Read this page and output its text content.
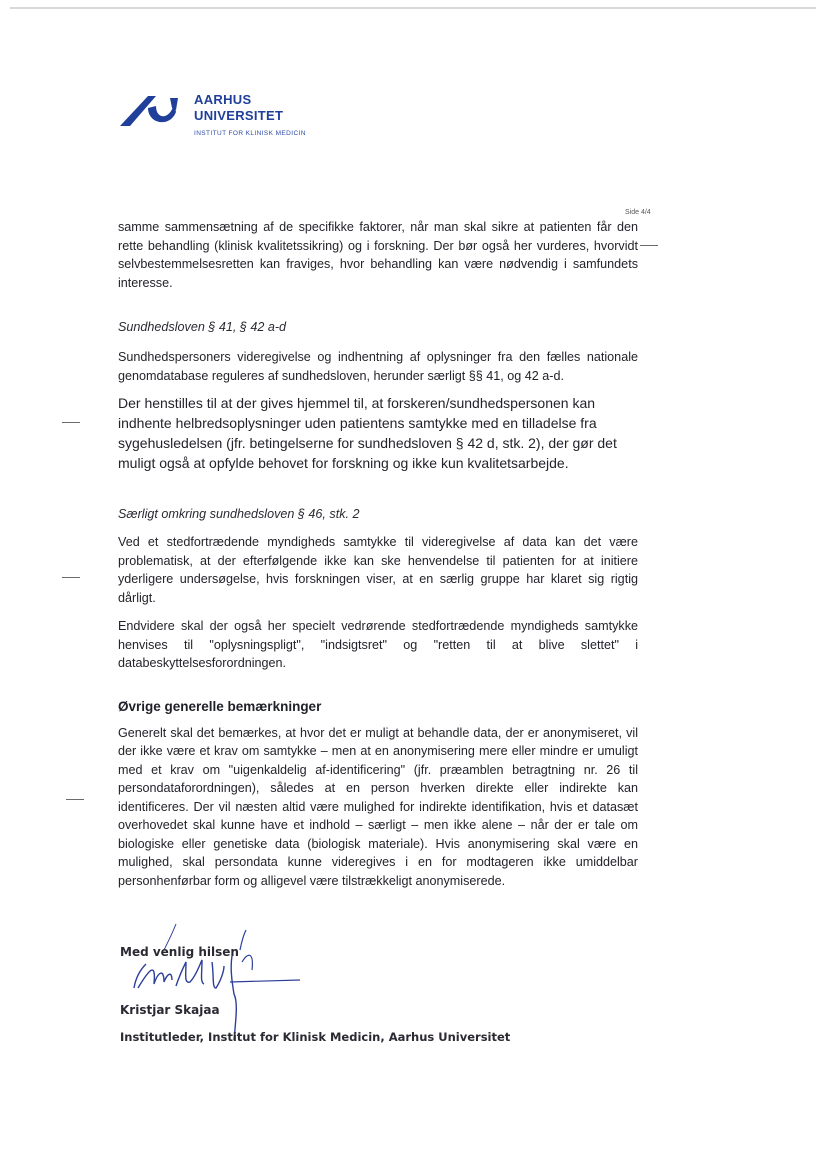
AARHUS
UNIVERSITET
INSTITUT FOR KLINISK MEDICIN
Side 4/4

samme sammensætning af de specifikke faktorer, når man skal sikre at patienten får den rette behandling (klinisk kvalitetssikring) og i forskning. Der bør også her vurderes, hvorvidt selvbestemmelsesretten kan fraviges, hvor behandling kan være nødvendig i samfundets interesse.

Sundhedsloven § 41, § 42 a-d

Sundhedspersoners videregivelse og indhentning af oplysninger fra den fælles nationale genomdatabase reguleres af sundhedsloven, herunder særligt §§ 41, og 42 a-d.

Der henstilles til at der gives hjemmel til, at forskeren/sundhedspersonen kan indhente helbredsoplysninger uden patientens samtykke med en tilladelse fra sygehusledelsen (jfr. betingelserne for sundhedsloven § 42 d, stk. 2), der gør det muligt også at opfylde behovet for forskning og ikke kun kvalitetsarbejde.

Særligt omkring sundhedsloven § 46, stk. 2

Ved et stedfortrædende myndigheds samtykke til videregivelse af data kan det være problematisk, at der efterfølgende ikke kan ske henvendelse til patienten for at initiere yderligere undersøgelse, hvis forskningen viser, at en særlig gruppe har klaret sig rigtig dårligt.

Endvidere skal der også her specielt vedrørende stedfortrædende myndigheds samtykke henvises til "oplysningspligt", "indsigtsret" og "retten til at blive slettet" i databeskyttelsesforordningen.

Øvrige generelle bemærkninger

Generelt skal det bemærkes, at hvor det er muligt at behandle data, der er anonymiseret, vil der ikke være et krav om samtykke – men at en anonymisering mere eller mindre er umuligt med et krav om "uigenkaldelig af-identificering" (jfr. præamblen betragtning nr. 26 til persondataforordningen), således at en person hverken direkte eller indirekte kan identificeres. Der vil næsten altid være mulighed for indirekte identifikation, hvis et datasæt overhovedet skal kunne have et indhold – særligt – men ikke alene – når der er tale om biologiske eller genetiske data (biologisk materiale). Hvis anonymisering skal være en mulighed, skal persondata kunne videregives i en for modtageren ikke umiddelbar personhenførbar form og alligevel være tilstrækkeligt anonymiserede.

Med venlig hilsen
Kristjar Skajaa
Institutleder, Institut for Klinisk Medicin, Aarhus Universitet
